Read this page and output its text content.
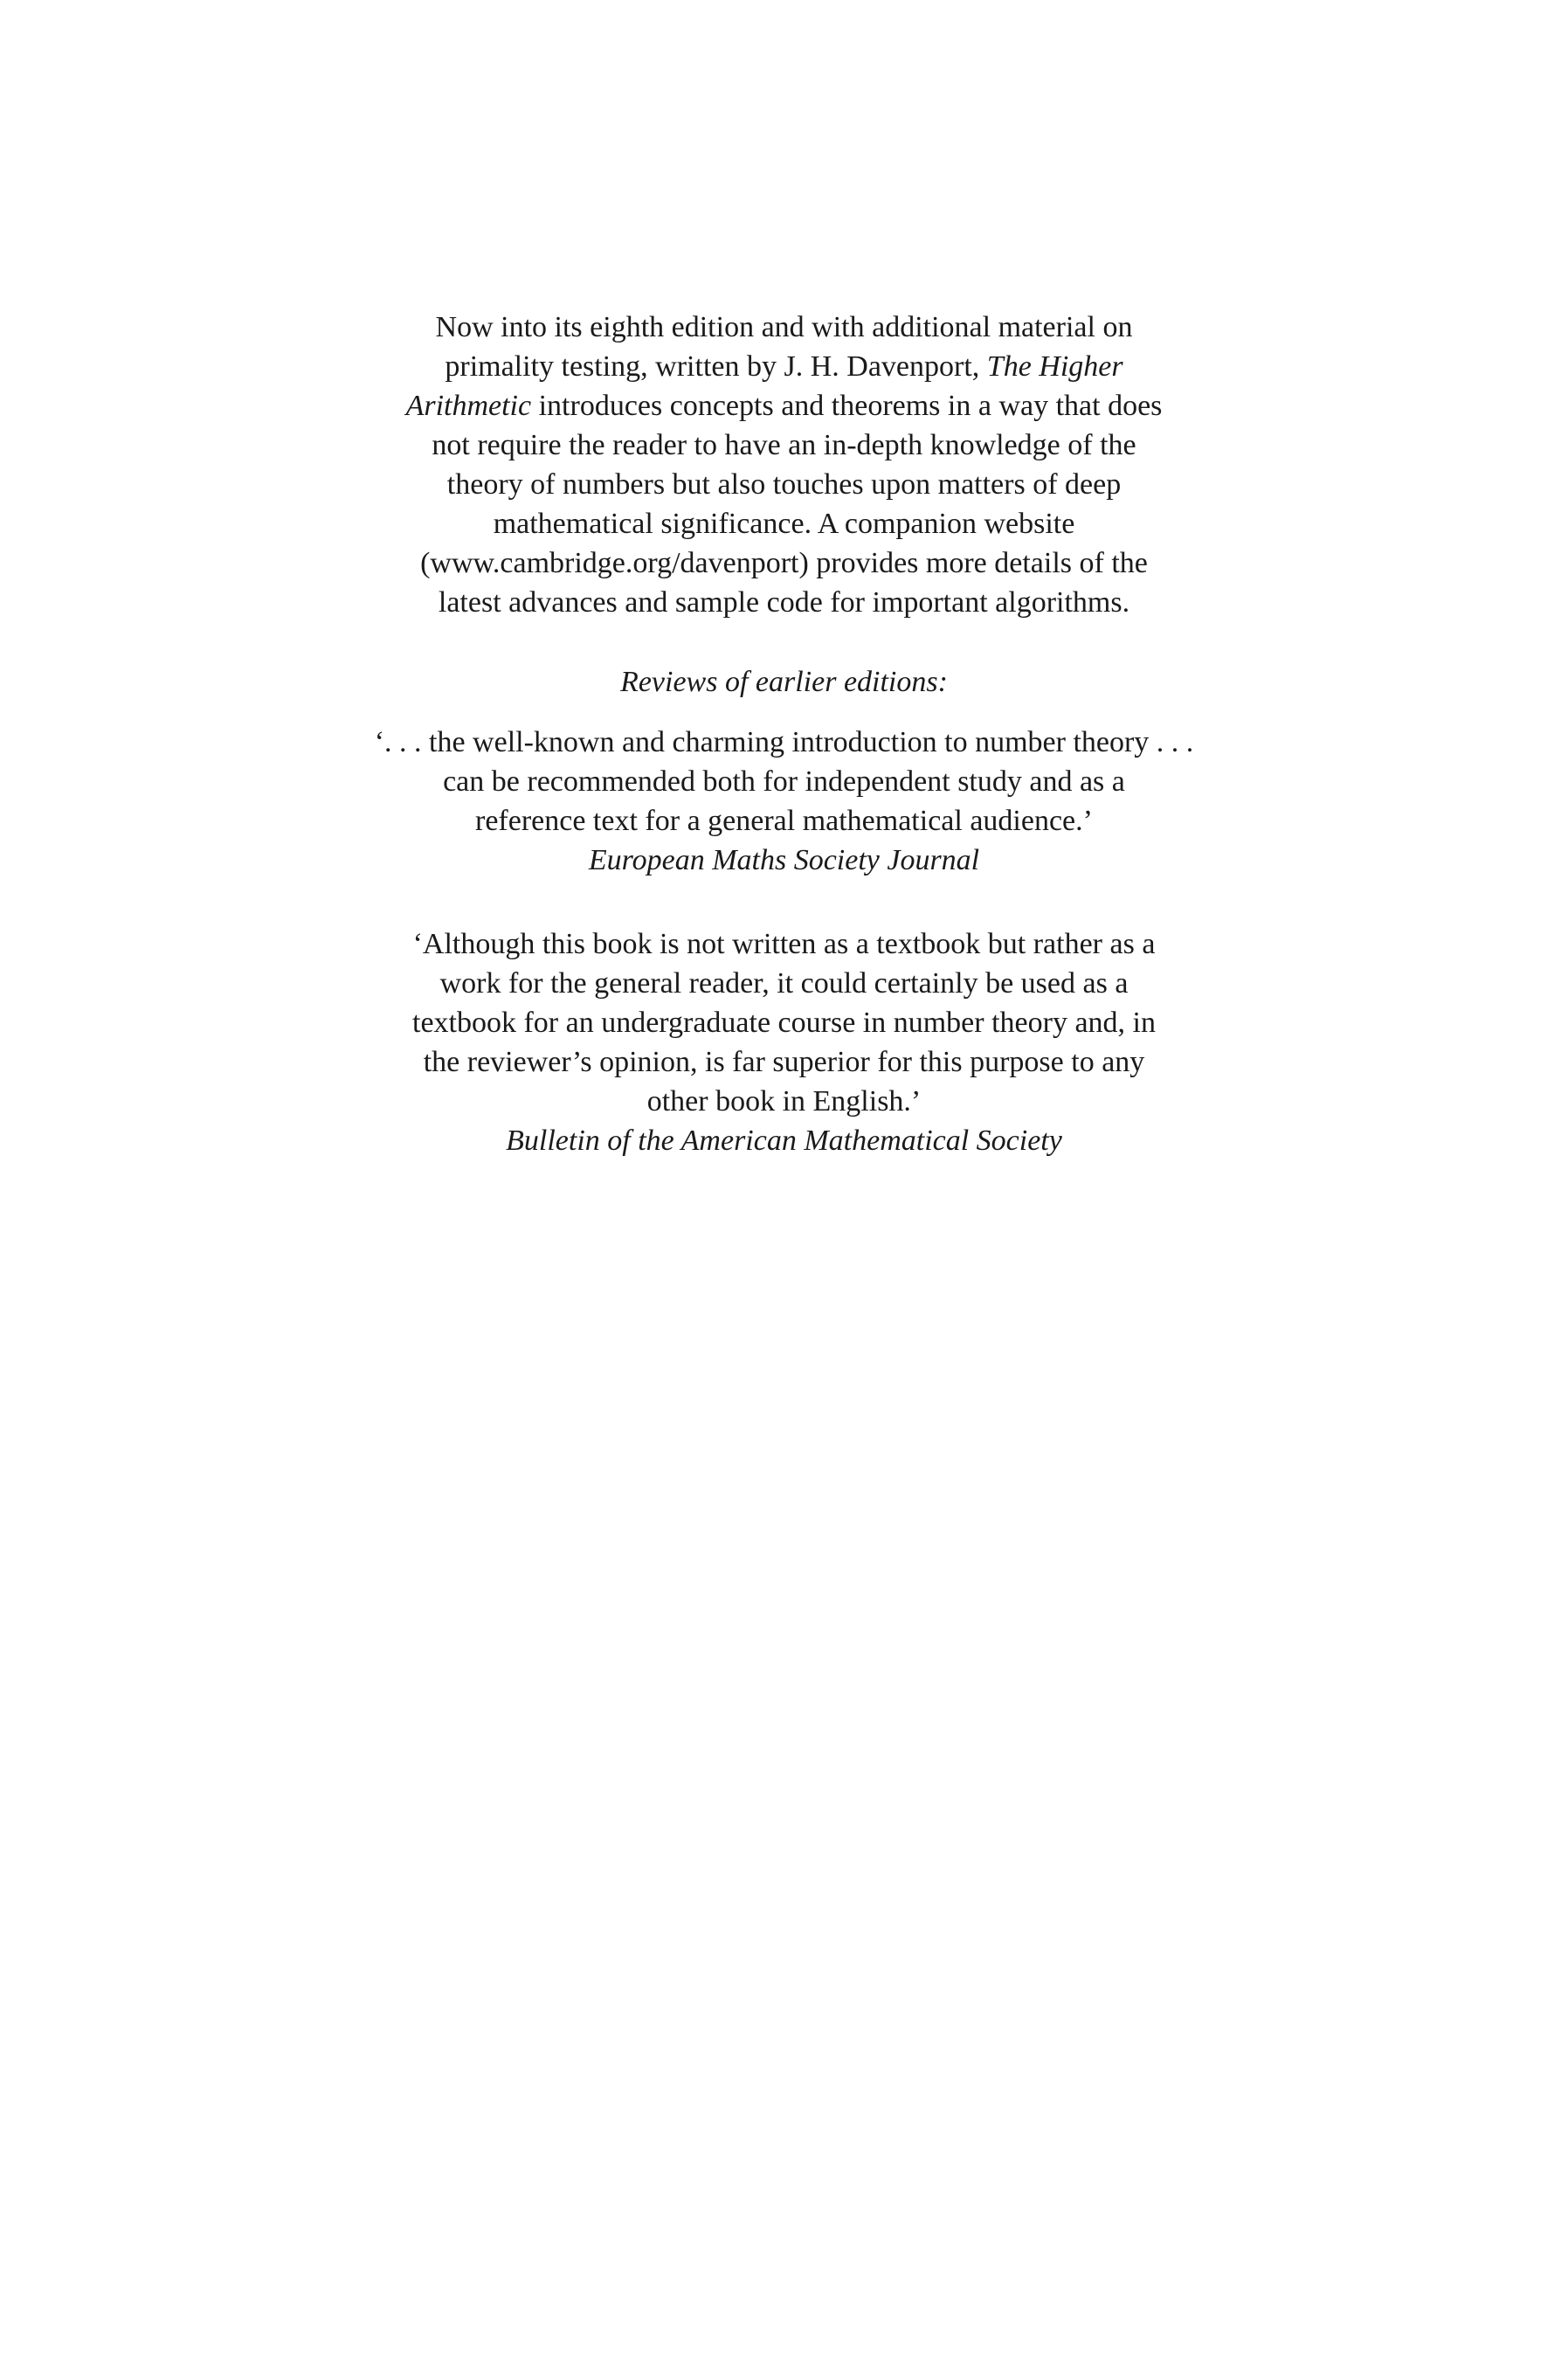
Now into its eighth edition and with additional material on
primality testing, written by J. H. Davenport, The Higher
Arithmetic introduces concepts and theorems in a way that does
not require the reader to have an in-depth knowledge of the
theory of numbers but also touches upon matters of deep
mathematical significance. A companion website
(www.cambridge.org/davenport) provides more details of the
latest advances and sample code for important algorithms.
Reviews of earlier editions:
‘. . . the well-known and charming introduction to number theory . . .
can be recommended both for independent study and as a
reference text for a general mathematical audience.’
European Maths Society Journal
‘Although this book is not written as a textbook but rather as a
work for the general reader, it could certainly be used as a
textbook for an undergraduate course in number theory and, in
the reviewer’s opinion, is far superior for this purpose to any
other book in English.’
Bulletin of the American Mathematical Society
